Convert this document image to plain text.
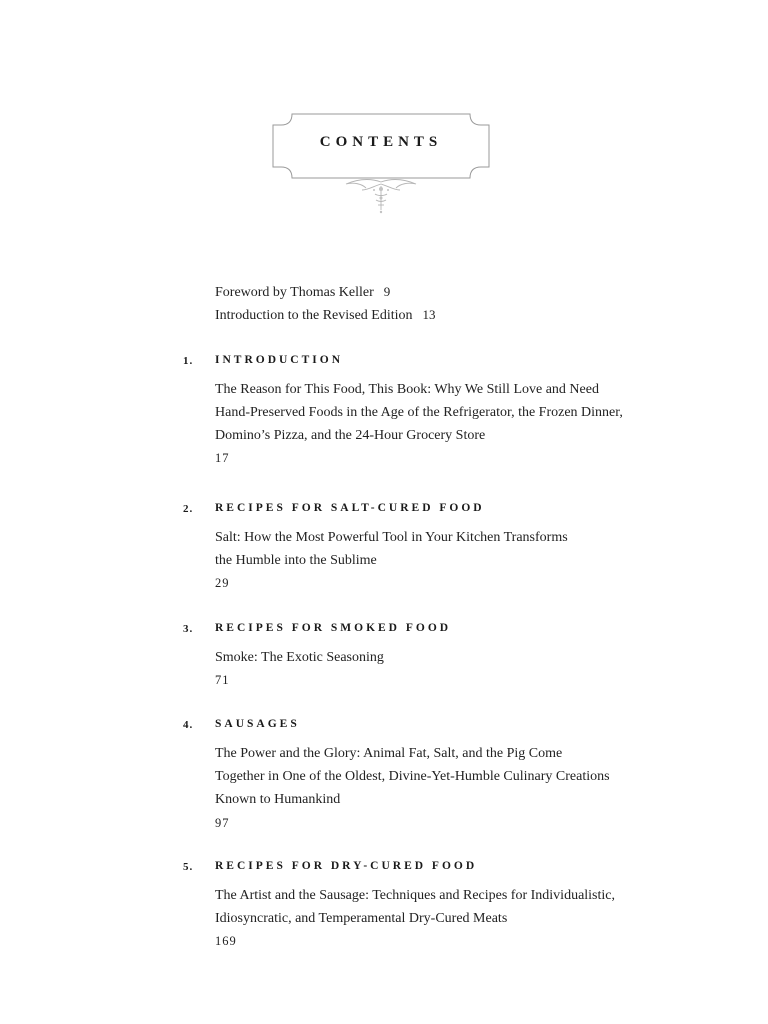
CONTENTS
Foreword by Thomas Keller 9
Introduction to the Revised Edition 13
1. INTRODUCTION
The Reason for This Food, This Book: Why We Still Love and Need
Hand-Preserved Foods in the Age of the Refrigerator, the Frozen Dinner,
Domino’s Pizza, and the 24-Hour Grocery Store
17
2. RECIPES FOR SALT-CURED FOOD
Salt: How the Most Powerful Tool in Your Kitchen Transforms
the Humble into the Sublime
29
3. RECIPES FOR SMOKED FOOD
Smoke: The Exotic Seasoning
71
4. SAUSAGES
The Power and the Glory: Animal Fat, Salt, and the Pig Come
Together in One of the Oldest, Divine-Yet-Humble Culinary Creations
Known to Humankind
97
5. RECIPES FOR DRY-CURED FOOD
The Artist and the Sausage: Techniques and Recipes for Individualistic,
Idiosyncratic, and Temperamental Dry-Cured Meats
169
